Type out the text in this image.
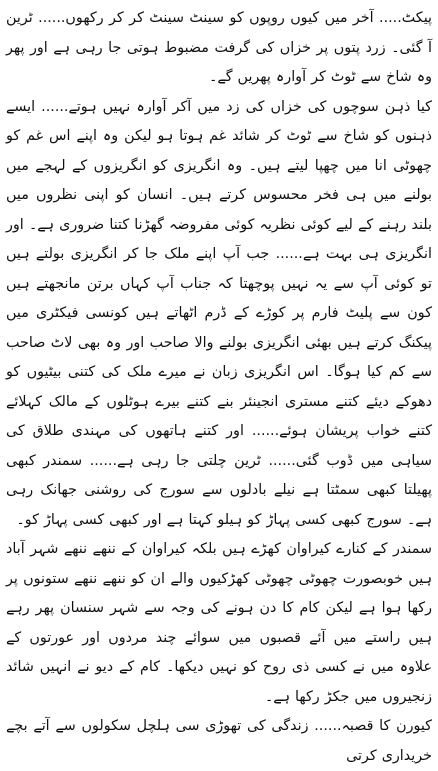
پیکٹ..... آخر میں کیوں روپوں کو سینٹ سینٹ کر کر رکھوں...... ٹرین آ گئی۔ زرد پتوں پر خزاں کی گرفت مضبوط ہوتی جا رہی ہے اور پھر وہ شاخ سے ٹوٹ کر آوارہ پھریں گے۔

کیا ذہن سوچوں کی خزاں کی زد میں آکر آوارہ نہیں ہوتے...... ایسے ذہنوں کو شاخ سے ٹوٹ کر شائد غم ہوتا ہو لیکن وہ اپنے اس غم کو چھوٹی انا میں چھپا لیتے ہیں۔ وہ انگریزی کو انگریزوں کے لہجے میں بولنے میں ہی فخر محسوس کرتے ہیں۔ انسان کو اپنی نظروں میں بلند رہنے کے لیے کوئی نظریہ کوئی مفروضہ گھڑنا کتنا ضروری ہے۔ اور انگریزی ہی بہت ہے...... جب آپ اپنے ملک جا کر انگریزی بولتے ہیں تو کوئی آپ سے یہ نہیں پوچھتا کہ جناب آپ کہاں برتن مانجھتے ہیں کون سے پلیٹ فارم پر کوڑے کے ڈرم اٹھاتے ہیں کونسی فیکٹری میں پیکنگ کرتے ہیں بھئی انگریزی بولنے والا صاحب اور وہ بھی لاٹ صاحب سے کم کیا ہوگا۔ اس انگریزی زبان نے میرے ملک کی کتنی بیٹیوں کو دھوکے دیئے کتنے مستری انجینئر بنے کتنے بیرے ہوٹلوں کے مالک کہلائے کتنے خواب پریشان ہوئے...... اور کتنے ہاتھوں کی مہندی طلاق کی سیاہی میں ڈوب گئی...... ٹرین چلتی جا رہی ہے...... سمندر کبھی پھیلتا کبھی سمٹتا ہے نیلے بادلوں سے سورج کی روشنی جھانک رہی ہے۔ سورج کبھی کسی پہاڑ کو ہیلو کہتا ہے اور کبھی کسی پہاڑ کو۔

سمندر کے کنارے کیراوان کھڑے ہیں بلکہ کیراوان کے ننھے ننھے شہر آباد ہیں خوبصورت چھوٹی چھوٹی کھڑکیوں والے ان کو ننھے ننھے ستونوں پر رکھا ہوا ہے لیکن کام کا دن ہونے کی وجہ سے شہر سنسان پھر رہے ہیں راستے میں آئے قصبوں میں سوائے چند مردوں اور عورتوں کے علاوہ میں نے کسی ذی روح کو نہیں دیکھا۔ کام کے دیو نے انہیں شائد زنجیروں میں جکڑ رکھا ہے۔

کیورن کا قصبہ...... زندگی کی تھوڑی سی ہلچل سکولوں سے آتے بچے خریداری کرتی
